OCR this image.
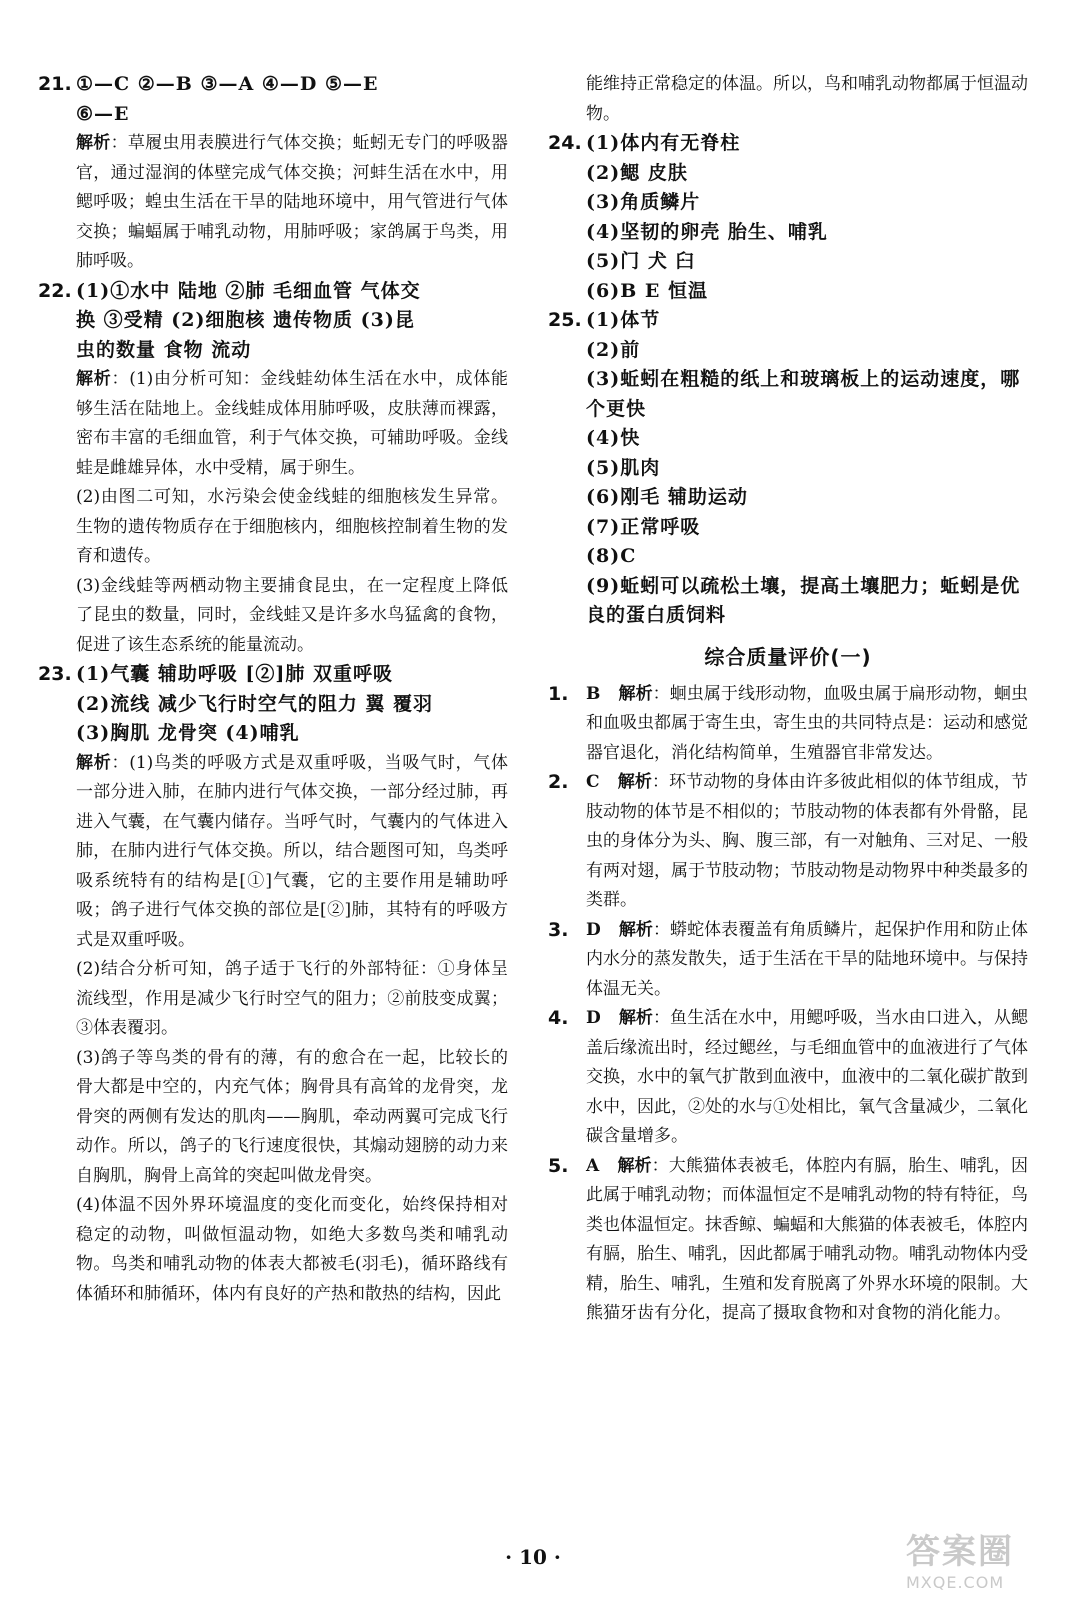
21. ①—C ②—B ③—A ④—D ⑤—E
⑥—E
解析：草履虫用表膜进行气体交换；蚯蚓无专门的呼吸器官，通过湿润的体壁完成气体交换；河蚌生活在水中，用鳃呼吸；蝗虫生活在干旱的陆地环境中，用气管进行气体交换；蝙蝠属于哺乳动物，用肺呼吸；家鸽属于鸟类，用肺呼吸。
22. (1)①水中 陆地 ②肺 毛细血管 气体交
换 ③受精 (2)细胞核 遗传物质 (3)昆
虫的数量 食物 流动
解析：(1)由分析可知：金线蛙幼体生活在水中，成体能够生活在陆地上。金线蛙成体用肺呼吸，皮肤薄而裸露，密布丰富的毛细血管，利于气体交换，可辅助呼吸。金线蛙是雌雄异体，水中受精，属于卵生。
(2)由图二可知，水污染会使金线蛙的细胞核发生异常。生物的遗传物质存在于细胞核内，细胞核控制着生物的发育和遗传。
(3)金线蛙等两栖动物主要捕食昆虫，在一定程度上降低了昆虫的数量，同时，金线蛙又是许多水鸟猛禽的食物，促进了该生态系统的能量流动。
23. (1)气囊 辅助呼吸 [②]肺 双重呼吸
(2)流线 减少飞行时空气的阻力 翼 覆羽
(3)胸肌 龙骨突 (4)哺乳
解析：(1)鸟类的呼吸方式是双重呼吸，当吸气时，气体一部分进入肺，在肺内进行气体交换，一部分经过肺，再进入气囊，在气囊内储存。当呼气时，气囊内的气体进入肺，在肺内进行气体交换。所以，结合题图可知，鸟类呼吸系统特有的结构是[①]气囊，它的主要作用是辅助呼吸；鸽子进行气体交换的部位是[②]肺，其特有的呼吸方式是双重呼吸。
(2)结合分析可知，鸽子适于飞行的外部特征：①身体呈流线型，作用是减少飞行时空气的阻力；②前肢变成翼；③体表覆羽。
(3)鸽子等鸟类的骨有的薄，有的愈合在一起，比较长的骨大都是中空的，内充气体；胸骨具有高耸的龙骨突，龙骨突的两侧有发达的肌肉——胸肌，牵动两翼可完成飞行动作。所以，鸽子的飞行速度很快，其煽动翅膀的动力来自胸肌，胸骨上高耸的突起叫做龙骨突。
(4)体温不因外界环境温度的变化而变化，始终保持相对稳定的动物，叫做恒温动物，如绝大多数鸟类和哺乳动物。鸟类和哺乳动物的体表大都被毛(羽毛)，循环路线有体循环和肺循环，体内有良好的产热和散热的结构，因此
能维持正常稳定的体温。所以，鸟和哺乳动物都属于恒温动物。
24. (1)体内有无脊柱
(2)鳃 皮肤
(3)角质鳞片
(4)坚韧的卵壳 胎生、哺乳
(5)门 犬 臼
(6)B E 恒温
25. (1)体节
(2)前
(3)蚯蚓在粗糙的纸上和玻璃板上的运动速度，哪个更快
(4)快
(5)肌肉
(6)刚毛 辅助运动
(7)正常呼吸
(8)C
(9)蚯蚓可以疏松土壤，提高土壤肥力；蚯蚓是优良的蛋白质饲料
综合质量评价(一)
1.	B　 解析：蛔虫属于线形动物，血吸虫属于扁形动物，蛔虫和血吸虫都属于寄生虫，寄生虫的共同特点是：运动和感觉器官退化，消化结构简单，生殖器官非常发达。
2.	C　 解析：环节动物的身体由许多彼此相似的体节组成，节肢动物的体节是不相似的；节肢动物的体表都有外骨骼，昆虫的身体分为头、胸、腹三部，有一对触角、三对足、一般有两对翅，属于节肢动物；节肢动物是动物界中种类最多的类群。
3.	D　 解析：蟒蛇体表覆盖有角质鳞片，起保护作用和防止体内水分的蒸发散失，适于生活在干旱的陆地环境中。与保持体温无关。
4.	D　 解析：鱼生活在水中，用鳃呼吸，当水由口进入，从鳃盖后缘流出时，经过鳃丝，与毛细血管中的血液进行了气体交换，水中的氧气扩散到血液中，血液中的二氧化碳扩散到水中，因此，②处的水与①处相比，氧气含量减少，二氧化碳含量增多。
5.	A　 解析：大熊猫体表被毛，体腔内有膈，胎生、哺乳，因此属于哺乳动物；而体温恒定不是哺乳动物的特有特征，鸟类也体温恒定。抹香鲸、蝙蝠和大熊猫的体表被毛，体腔内有膈，胎生、哺乳，因此都属于哺乳动物。哺乳动物体内受精，胎生、哺乳，生殖和发育脱离了外界水环境的限制。大熊猫牙齿有分化，提高了摄取食物和对食物的消化能力。
· 10 ·	答案圈
MXQE.COM
